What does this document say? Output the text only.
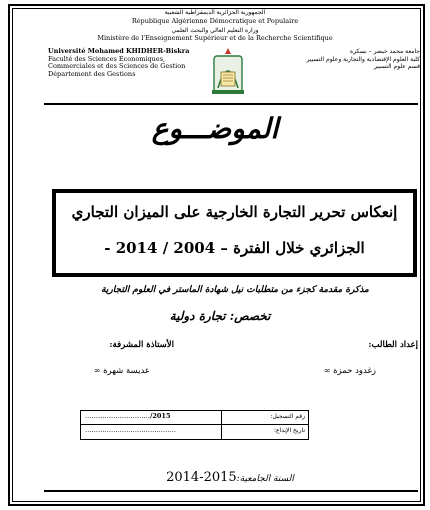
الجمهورية الجزائرية الديمقراطية الشعبية
République Algérienne Démocratique et Populaire
وزارة التعليم العالي والبحث العلمي
Ministère de l'Enseignement Supérieur et de la Recherche Scientifique
Université Mohamed KHIDHER-Biskra
Faculté des Sciences Economiques,
Commerciales et des Sciences de Gestion
Département des Gestions
جامعة محمد خيضر – بسكرة
كلية العلوم الإقتصادية والتجارية وعلوم التسيير
قسم علوم التسيير
الموضـــوع
إنعكاس تحرير التجارة الخارجية على الميزان التجاري
الجزائري خلال الفترة – 2004 / 2014 -
مذكرة مقدمة كجزء من متطلبات نيل شهادة الماستر في العلوم التجارية
تخصص: تجارة دولية
إعداد الطالب:
الأستاذة المشرفة:
زغدود حمزة ∞
عديسة شهرة ∞
…………………………/2015	رقم التسجيل:
……………………………………	تاريخ الإيداع:
السنة الجامعية:2014-2015
